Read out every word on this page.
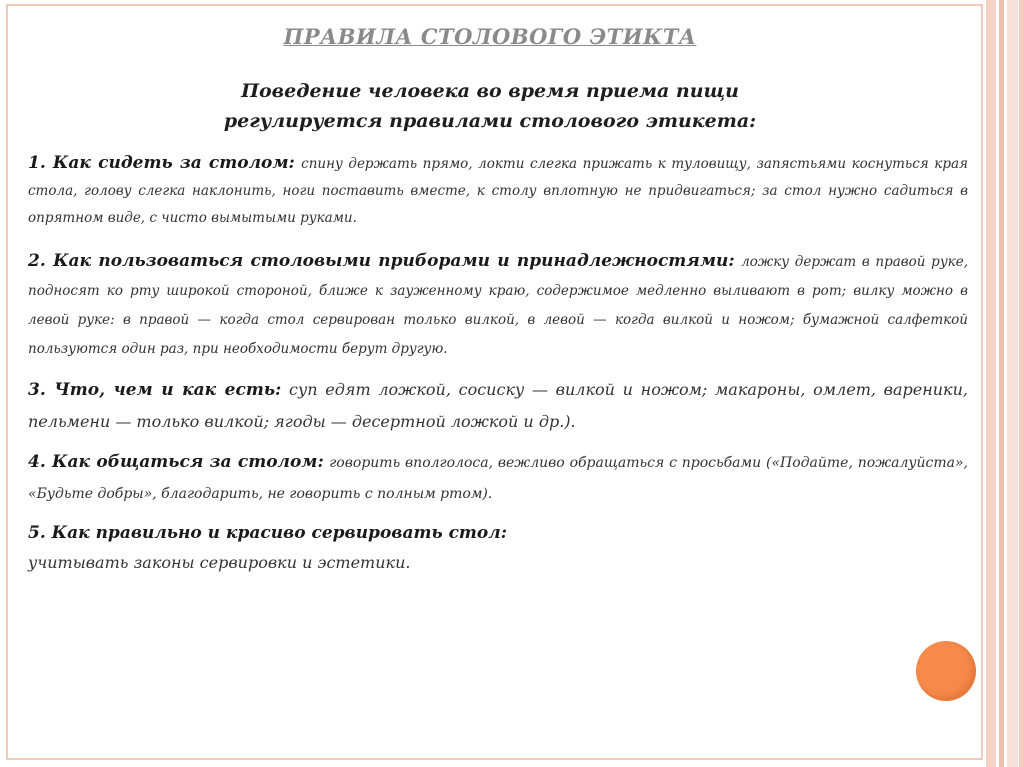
ПРАВИЛА СТОЛОВОГО ЭТИКТА
Поведение человека во время приема пищи
регулируется правилами столового этикета:
1. Как сидеть за столом: спину держать прямо, локти слегка прижать к туловищу, запястьями коснуться края стола, голову слегка наклонить, ноги поставить вместе, к столу вплотную не придвигаться; за стол нужно садиться в опрятном виде, с чисто вымытыми руками.
2. Как пользоваться столовыми приборами и принадлежностями: ложку держат в правой руке, подносят ко рту широкой стороной, ближе к зауженному краю, содержимое медленно выливают в рот; вилку можно в левой руке: в правой — когда стол сервирован только вилкой, в левой — когда вилкой и ножом; бумажной салфеткой пользуются один раз, при необходимости берут другую.
3. Что, чем и как есть: суп едят ложкой, сосиску — вилкой и ножом; макароны, омлет, вареники, пельмени — только вилкой; ягоды — десертной ложкой и др.).
4. Как общаться за столом: говорить вполголоса, вежливо обращаться с просьбами («Подайте, пожалуйста», «Будьте добры», благодарить, не говорить с полным ртом).
5. Как правильно и красиво сервировать стол:
учитывать законы сервировки и эстетики.
